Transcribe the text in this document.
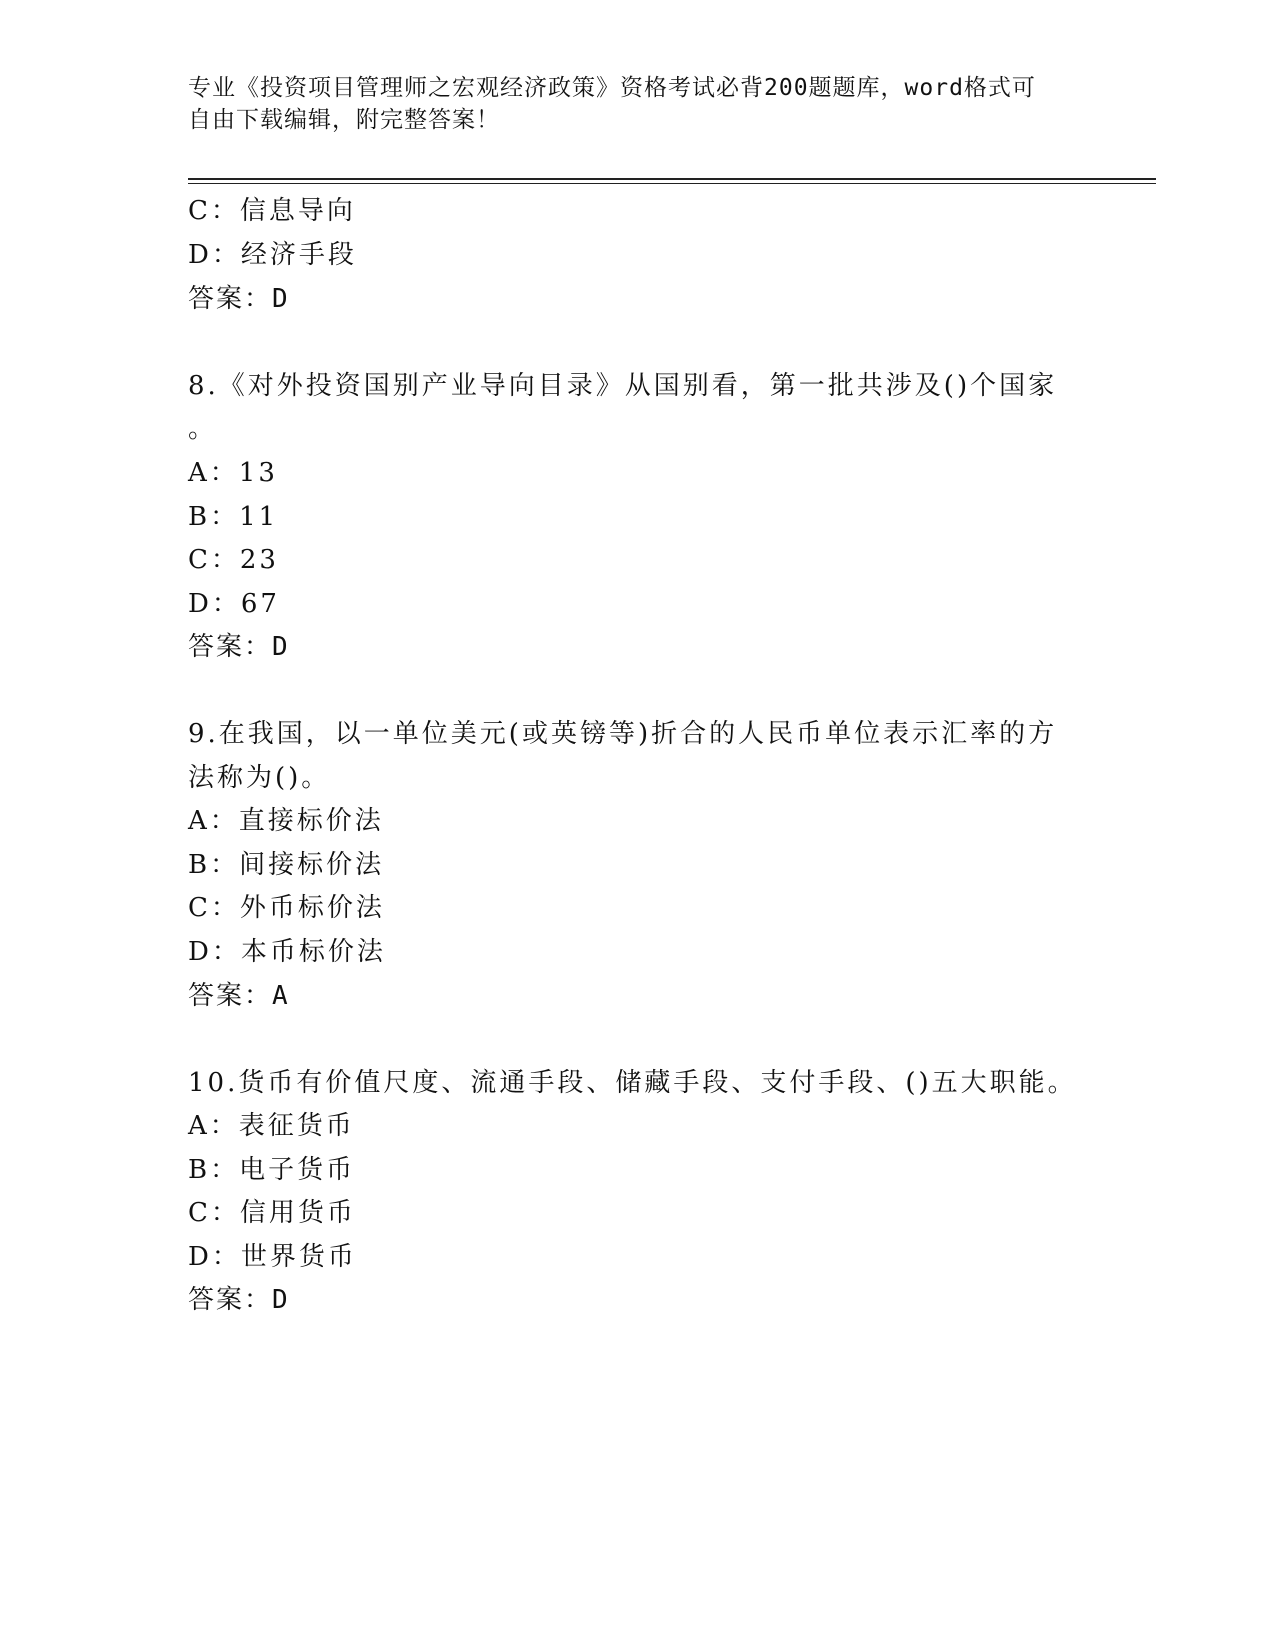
专业《投资项目管理师之宏观经济政策》资格考试必背200题题库，word格式可
自由下载编辑，附完整答案！
C：信息导向
D：经济手段
答案：D
8.《对外投资国别产业导向目录》从国别看，第一批共涉及()个国家
。
A：13
B：11
C：23
D：67
答案：D
9.在我国，以一单位美元(或英镑等)折合的人民币单位表示汇率的方
法称为()。
A：直接标价法
B：间接标价法
C：外币标价法
D：本币标价法
答案：A
10.货币有价值尺度、流通手段、储藏手段、支付手段、()五大职能。
A：表征货币
B：电子货币
C：信用货币
D：世界货币
答案：D
